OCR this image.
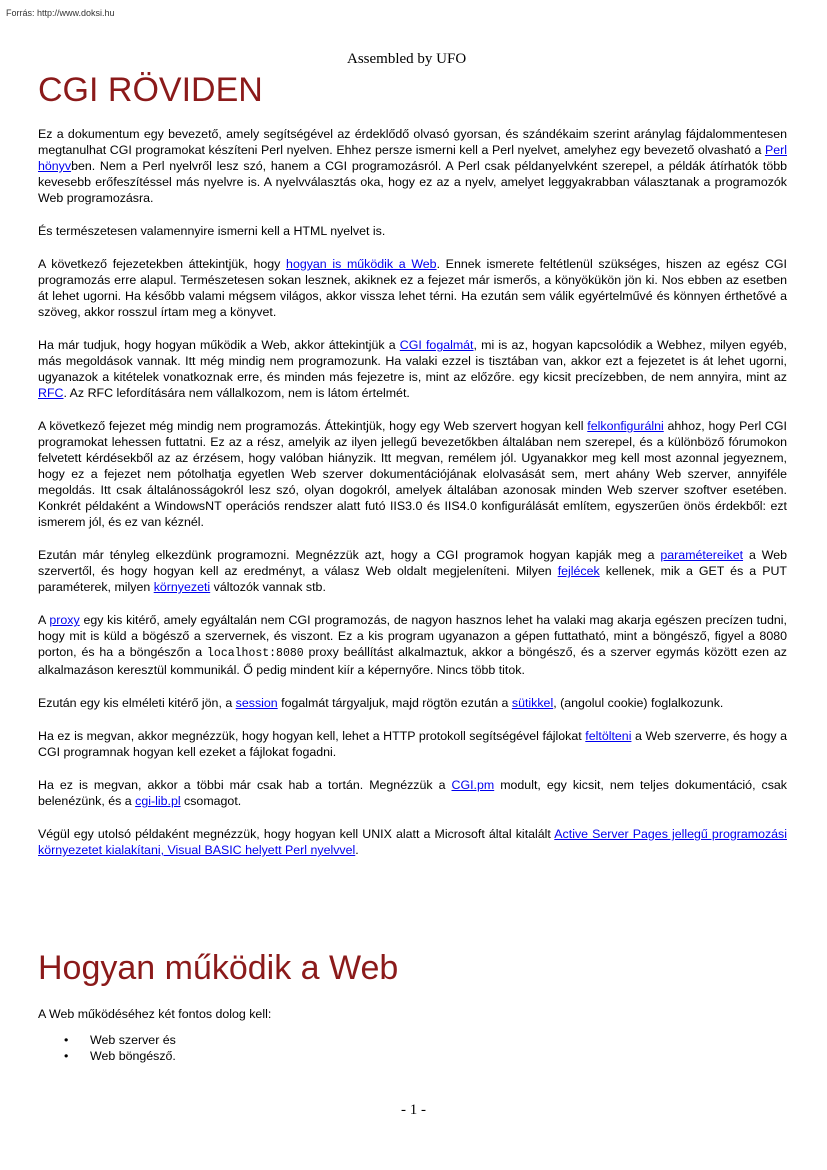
Forrás: http://www.doksi.hu
Assembled by UFO
CGI RÖVIDEN

Ez a dokumentum egy bevezető, amely segítségével az érdeklődő olvasó gyorsan, és szándékaim szerint aránylag fájdalommentesen megtanulhat CGI programokat készíteni Perl nyelven. Ehhez persze ismerni kell a Perl nyelvet, amelyhez egy bevezető olvasható a Perl hönyvben. Nem a Perl nyelvről lesz szó, hanem a CGI programozásról. A Perl csak példanyelvként szerepel, a példák átírhatók több kevesebb erőfeszítéssel más nyelvre is. A nyelvválasztás oka, hogy ez az a nyelv, amelyet leggyakrabban választanak a programozók Web programozásra.

És természetesen valamennyire ismerni kell a HTML nyelvet is.

A következő fejezetekben áttekintjük, hogy hogyan is működik a Web. Ennek ismerete feltétlenül szükséges, hiszen az egész CGI programozás erre alapul. Természetesen sokan lesznek, akiknek ez a fejezet már ismerős, a könyökükön jön ki. Nos ebben az esetben át lehet ugorni. Ha később valami mégsem világos, akkor vissza lehet térni. Ha ezután sem válik egyértelművé és könnyen érthetővé a szöveg, akkor rosszul írtam meg a könyvet.

Ha már tudjuk, hogy hogyan működik a Web, akkor áttekintjük a CGI fogalmát, mi is az, hogyan kapcsolódik a Webhez, milyen egyéb, más megoldások vannak. Itt még mindig nem programozunk. Ha valaki ezzel is tisztában van, akkor ezt a fejezetet is át lehet ugorni, ugyanazok a kitételek vonatkoznak erre, és minden más fejezetre is, mint az előzőre. egy kicsit precízebben, de nem annyira, mint az RFC. Az RFC lefordítására nem vállalkozom, nem is látom értelmét.

A következő fejezet még mindig nem programozás. Áttekintjük, hogy egy Web szervert hogyan kell felkonfigurálni ahhoz, hogy Perl CGI programokat lehessen futtatni. Ez az a rész, amelyik az ilyen jellegű bevezetőkben általában nem szerepel, és a különböző fórumokon felvetett kérdésekből az az érzésem, hogy valóban hiányzik. Itt megvan, remélem jól. Ugyanakkor meg kell most azonnal jegyeznem, hogy ez a fejezet nem pótolhatja egyetlen Web szerver dokumentációjának elolvasását sem, mert ahány Web szerver, annyiféle megoldás. Itt csak általánosságokról lesz szó, olyan dogokról, amelyek általában azonosak minden Web szerver szoftver esetében. Konkrét példaként a WindowsNT operációs rendszer alatt futó IIS3.0 és IIS4.0 konfigurálását említem, egyszerűen önös érdekből: ezt ismerem jól, és ez van kéznél.

Ezután már tényleg elkezdünk programozni. Megnézzük azt, hogy a CGI programok hogyan kapják meg a paramétereiket a Web szervertől, és hogy hogyan kell az eredményt, a válasz Web oldalt megjeleníteni. Milyen fejlécek kellenek, mik a GET és a PUT paraméterek, milyen környezeti változók vannak stb.

A proxy egy kis kitérő, amely egyáltalán nem CGI programozás, de nagyon hasznos lehet ha valaki mag akarja egészen precízen tudni, hogy mit is küld a bögésző a szervernek, és viszont. Ez a kis program ugyanazon a gépen futtatható, mint a böngésző, figyel a 8080 porton, és ha a böngészőn a localhost:8080 proxy beállítást alkalmaztuk, akkor a böngésző, és a szerver egymás között ezen az alkalmazáson keresztül kommunikál. Ő pedig mindent kiír a képernyőre. Nincs több titok.

Ezután egy kis elméleti kitérő jön, a session fogalmát tárgyaljuk, majd rögtön ezután a sütikkel, (angolul cookie) foglalkozunk.

Ha ez is megvan, akkor megnézzük, hogy hogyan kell, lehet a HTTP protokoll segítségével fájlokat feltölteni a Web szerverre, és hogy a CGI programnak hogyan kell ezeket a fájlokat fogadni.

Ha ez is megvan, akkor a többi már csak hab a tortán. Megnézzük a CGI.pm modult, egy kicsit, nem teljes dokumentáció, csak belenézünk, és a cgi-lib.pl csomagot.

Végül egy utolsó példaként megnézzük, hogy hogyan kell UNIX alatt a Microsoft által kitalált Active Server Pages jellegű programozási környezetet kialakítani, Visual BASIC helyett Perl nyelvvel.

Hogyan működik a Web
A Web működéséhez két fontos dolog kell:
• Web szerver és
• Web böngésző.
- 1 -
